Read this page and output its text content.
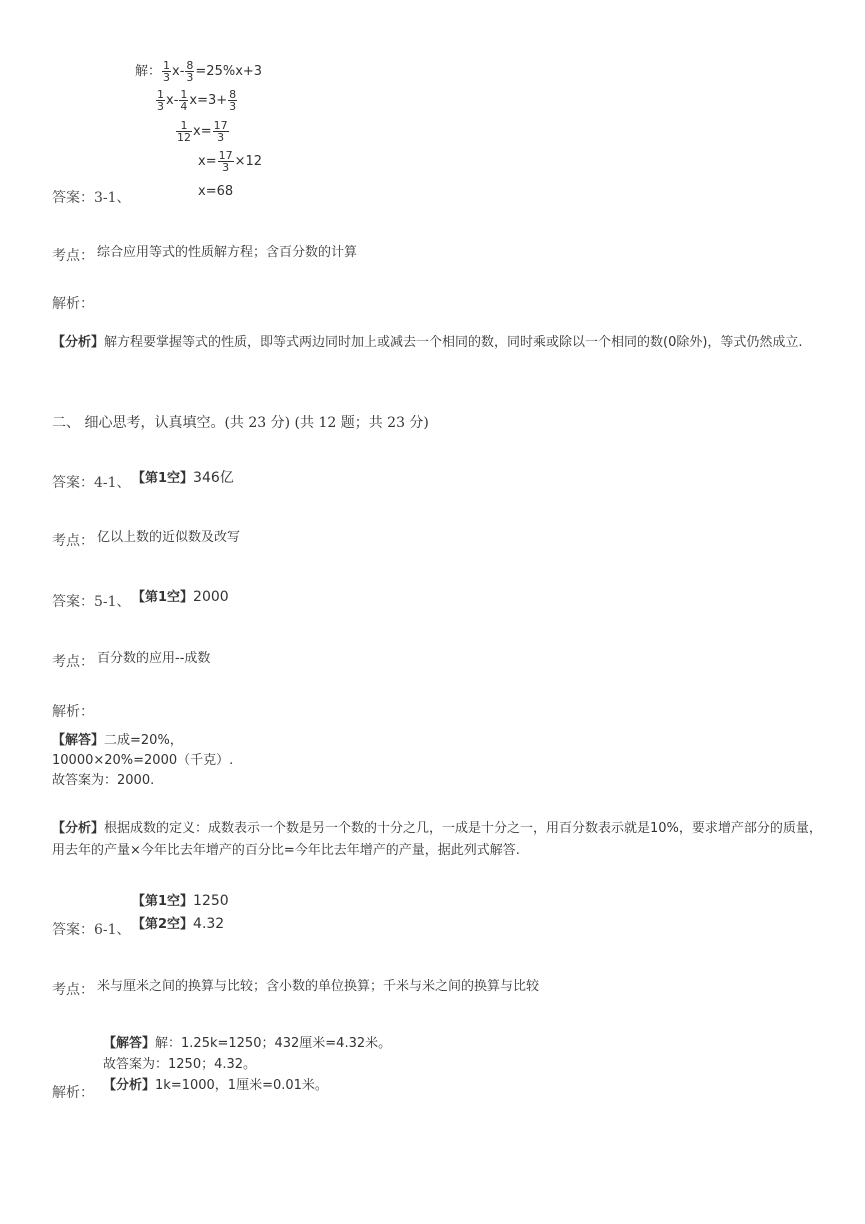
解： $\frac{1}{3} x- \frac{8}{3} =25\%x+3$
$\frac{1}{3} x- \frac{1}{4} x=3+ \frac{8}{3}$
$\frac{1}{12} x= \frac{17}{3}$
$x= \frac{17}{3} \times 12$
x=68
答案：3-1、
考点： 综合应用等式的性质解方程；含百分数的计算
解析：
【分析】解方程要掌握等式的性质，即等式两边同时加上或减去一个相同的数，同时乘或除以一个相同的数(0除外)，等式仍然成立.
二、 细心思考，认真填空。(共 23 分) (共 12 题；共 23 分)
答案：4-1、 【第1空】346亿
考点： 亿以上数的近似数及改写
答案：5-1、 【第1空】2000
考点： 百分数的应用--成数
解析：
【解答】二成=20%，
10000×20%=2000（千克）.
故答案为：2000.
【分析】根据成数的定义：成数表示一个数是另一个数的十分之几，一成是十分之一，用百分数表示就是10%，要求增产部分的质量，用去年的产量×今年比去年增产的百分比=今年比去年增产的产量，据此列式解答.
【第1空】1250
【第2空】4.32
答案：6-1、
考点： 米与厘米之间的换算与比较；含小数的单位换算；千米与米之间的换算与比较
【解答】解：1.25k=1250；432厘米=4.32米。
故答案为：1250；4.32。
【分析】1k=1000，1厘米=0.01米。
解析：
